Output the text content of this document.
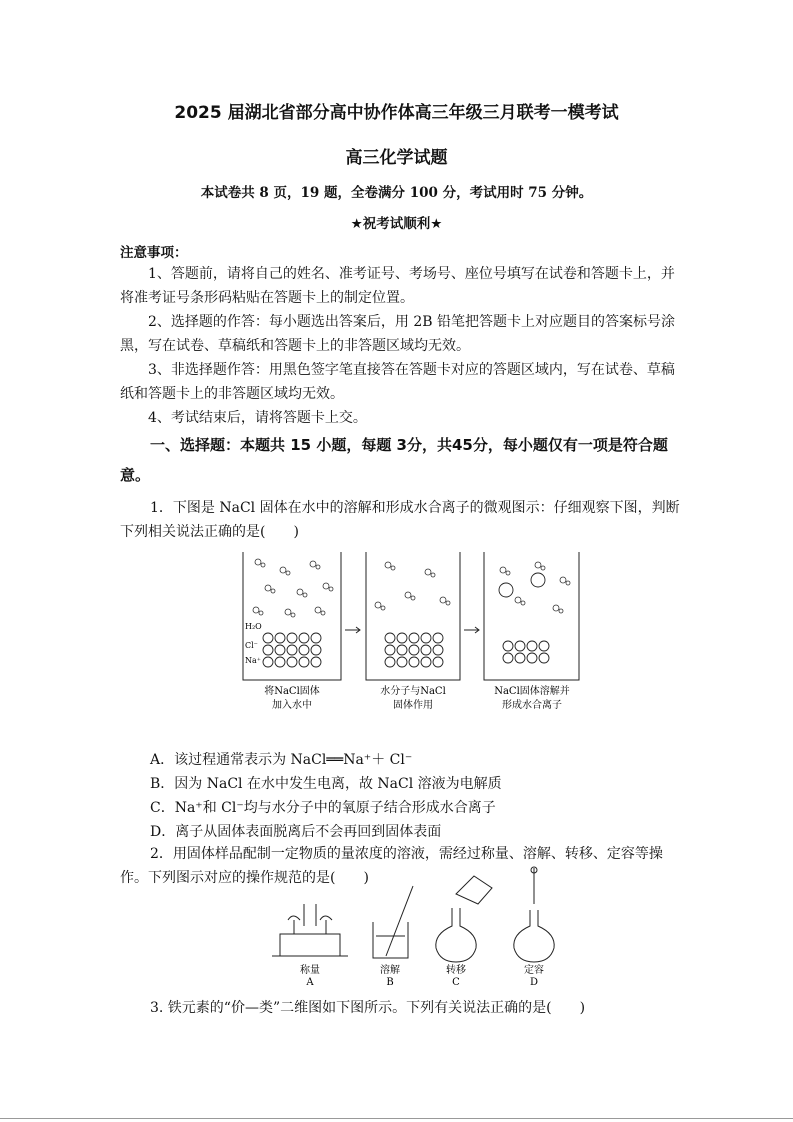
2025 届湖北省部分高中协作体高三年级三月联考一模考试
高三化学试题
本试卷共 8 页，19 题，全卷满分 100 分，考试用时 75 分钟。
★祝考试顺利★
注意事项：
1、答题前，请将自己的姓名、准考证号、考场号、座位号填写在试卷和答题卡上，并将准考证号条形码粘贴在答题卡上的制定位置。
2、选择题的作答：每小题选出答案后，用 2B 铅笔把答题卡上对应题目的答案标号涂黑，写在试卷、草稿纸和答题卡上的非答题区域均无效。
3、非选择题作答：用黑色签字笔直接答在答题卡对应的答题区域内，写在试卷、草稿纸和答题卡上的非答题区域均无效。
4、考试结束后，请将答题卡上交。
一、选择题：本题共 15 小题，每题 3分，共45分，每小题仅有一项是符合题意。
1．下图是 NaCl 固体在水中的溶解和形成水合离子的微观图示：仔细观察下图，判断下列相关说法正确的是(　　)
H₂O
Cl⁻
Na⁺
将NaCl固体
加入水中
水分子与NaCl
固体作用
NaCl固体溶解并
形成水合离子
A．该过程通常表示为 NaCl══Na⁺＋ Cl⁻
B．因为 NaCl 在水中发生电离，故 NaCl 溶液为电解质
C．Na⁺和 Cl⁻均与水分子中的氧原子结合形成水合离子
D．离子从固体表面脱离后不会再回到固体表面
2．用固体样品配制一定物质的量浓度的溶液，需经过称量、溶解、转移、定容等操作。下列图示对应的操作规范的是(　　)
称量
A
溶解
B
转移
C
定容
D
3. 铁元素的“价—类”二维图如下图所示。下列有关说法正确的是(　　)
